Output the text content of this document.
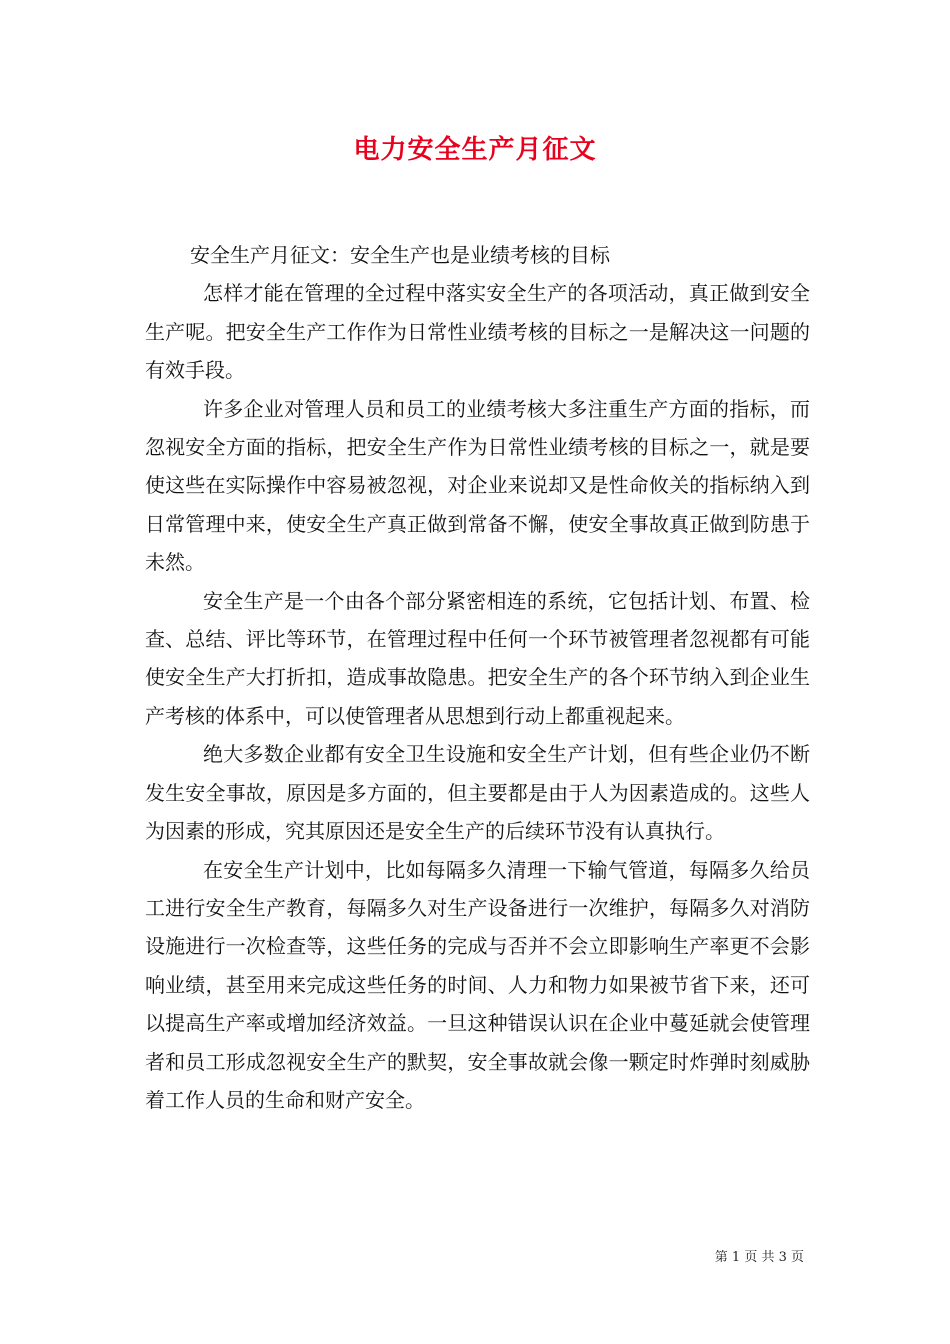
电力安全生产月征文

安全生产月征文：安全生产也是业绩考核的目标

怎样才能在管理的全过程中落实安全生产的各项活动，真正做到安全生产呢。把安全生产工作作为日常性业绩考核的目标之一是解决这一问题的有效手段。

许多企业对管理人员和员工的业绩考核大多注重生产方面的指标，而忽视安全方面的指标，把安全生产作为日常性业绩考核的目标之一，就是要使这些在实际操作中容易被忽视，对企业来说却又是性命攸关的指标纳入到日常管理中来，使安全生产真正做到常备不懈，使安全事故真正做到防患于未然。

安全生产是一个由各个部分紧密相连的系统，它包括计划、布置、检查、总结、评比等环节，在管理过程中任何一个环节被管理者忽视都有可能使安全生产大打折扣，造成事故隐患。把安全生产的各个环节纳入到企业生产考核的体系中，可以使管理者从思想到行动上都重视起来。

绝大多数企业都有安全卫生设施和安全生产计划，但有些企业仍不断发生安全事故，原因是多方面的，但主要都是由于人为因素造成的。这些人为因素的形成，究其原因还是安全生产的后续环节没有认真执行。

在安全生产计划中，比如每隔多久清理一下输气管道，每隔多久给员工进行安全生产教育，每隔多久对生产设备进行一次维护，每隔多久对消防设施进行一次检查等，这些任务的完成与否并不会立即影响生产率更不会影响业绩，甚至用来完成这些任务的时间、人力和物力如果被节省下来，还可以提高生产率或增加经济效益。一旦这种错误认识在企业中蔓延就会使管理者和员工形成忽视安全生产的默契，安全事故就会像一颗定时炸弹时刻威胁着工作人员的生命和财产安全。

第 1 页 共 3 页
